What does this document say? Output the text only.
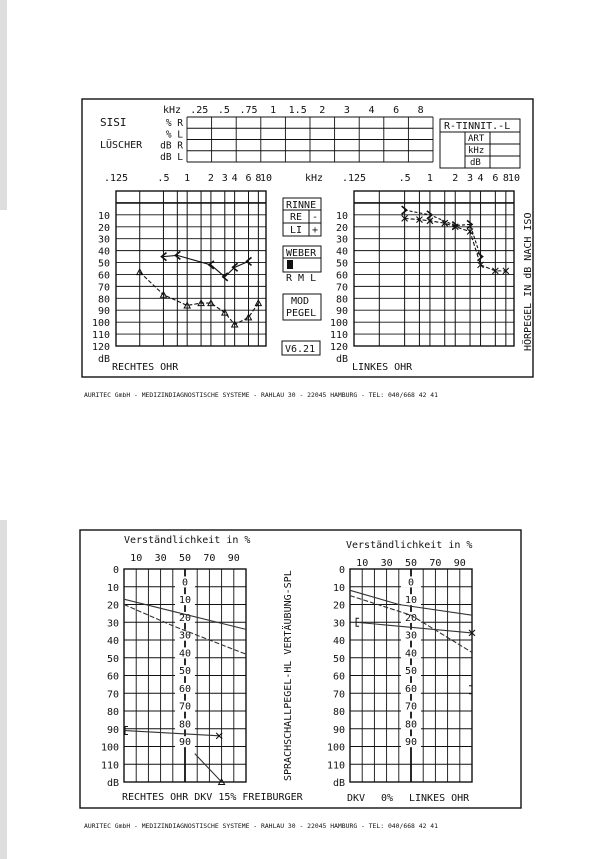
SISI
LÜSCHER
kHz .25 .5 .75 1 1.5 2 3 4 6 8
% R
% L
dB R
dB L
R-TINNIT.-L
ART
kHz
dB
.125	.5 1 2 3 4 6 8
10	.125	.5 1 2 3 4 6 8 10
kHz
10
20
30
40
50
60
70
80
90
100
110
120
dB
10
20
30
40
50
60
70
80
90
100
110
120
dB
RINNE
RE
LI
-
+
WEBER
R M L
MOD
PEGEL
V6.21
RECHTES OHR	LINKES OHR
HÖRPEGEL IN dB NACH ISO
AURITEC GmbH - MEDIZINDIAGNOSTISCHE SYSTEME - RAHLAU 30 - 22045 HAMBURG - TEL: 040/668 42 41
Verständlichkeit in %	Verständlichkeit in %
10 30 50 70 90	10 30 50 70 90
0
10
20
30
40
50
60
70
80
90
100
110
dB
0
10
20
30
40
50
60
70
80
90
100
110
dB
0
10
20
30
40
50
60
70
80
90
0
10
20
30
40
50
60
70
80
90
SPRACHSCHALLPEGEL-HL VERTÄUBUNG-SPL
RECHTES OHR DKV 15% FREIBURGER	DKV 0% LINKES OHR
AURITEC GmbH - MEDIZINDIAGNOSTISCHE SYSTEME - RAHLAU 30 - 22045 HAMBURG - TEL: 040/668 42 41
